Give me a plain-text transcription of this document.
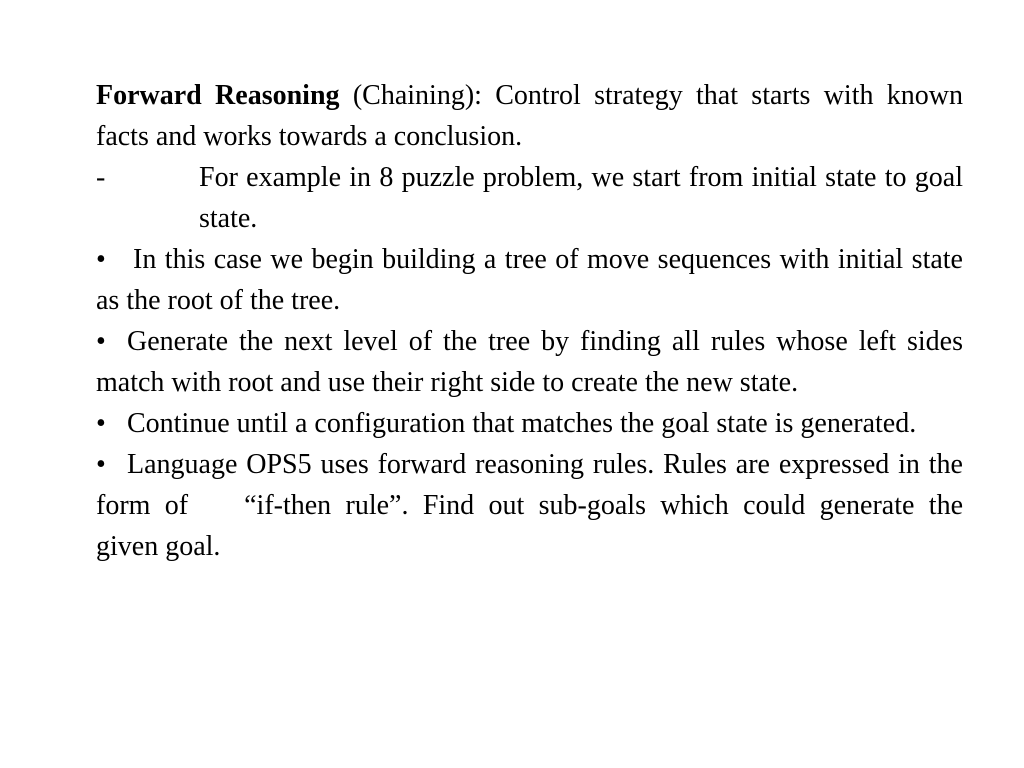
Forward Reasoning (Chaining): Control strategy that starts with known facts and works towards a conclusion.

-	For example in 8 puzzle problem, we start from initial state to goal state.

• In this case we begin building a tree of move sequences with initial state as the root of the tree.

• Generate the next level of the tree by finding all rules whose left sides match with root and use their right side to create the new state.

• Continue until a configuration that matches the goal state is generated.

• Language OPS5 uses forward reasoning rules. Rules are expressed in the form of “if-then rule”. Find out sub-goals which could generate the given goal.
